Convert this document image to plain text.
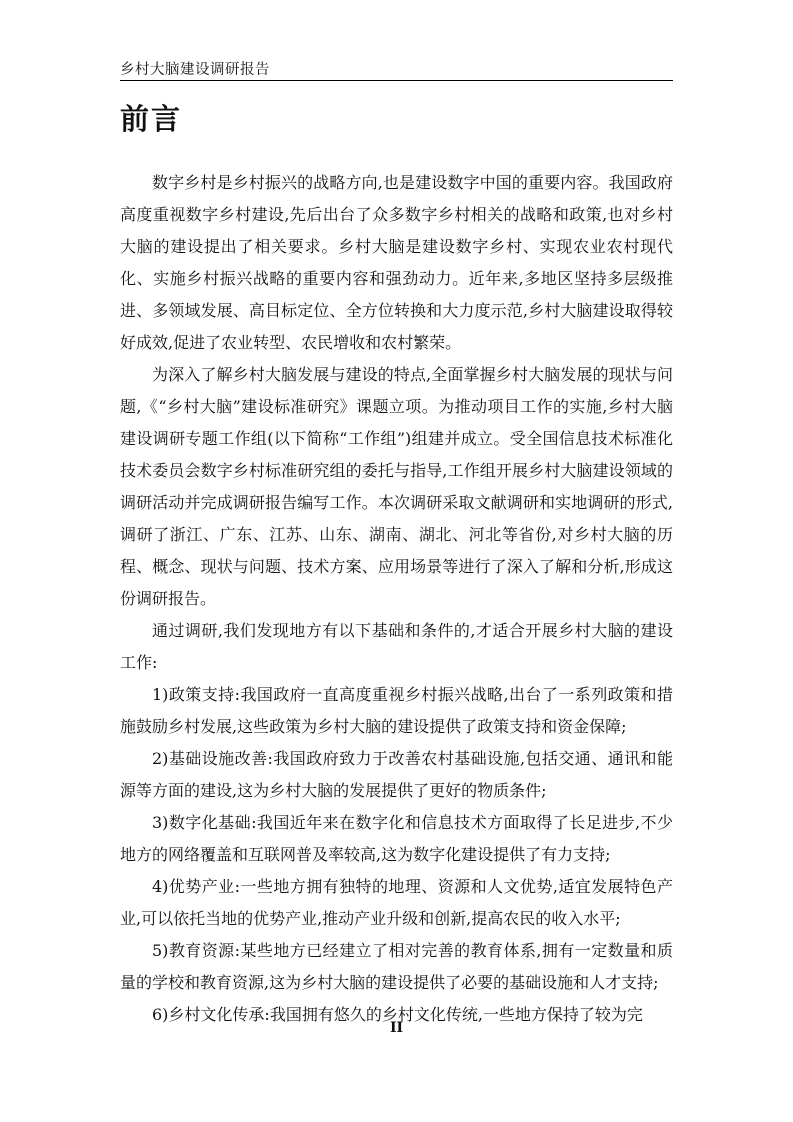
乡村大脑建设调研报告
前言

数字乡村是乡村振兴的战略方向,也是建设数字中国的重要内容。我国政府高度重视数字乡村建设,先后出台了众多数字乡村相关的战略和政策,也对乡村大脑的建设提出了相关要求。乡村大脑是建设数字乡村、实现农业农村现代化、实施乡村振兴战略的重要内容和强劲动力。近年来,多地区坚持多层级推进、多领域发展、高目标定位、全方位转换和大力度示范,乡村大脑建设取得较好成效,促进了农业转型、农民增收和农村繁荣。

为深入了解乡村大脑发展与建设的特点,全面掌握乡村大脑发展的现状与问题,《“乡村大脑”建设标准研究》课题立项。为推动项目工作的实施,乡村大脑建设调研专题工作组(以下简称“工作组”)组建并成立。受全国信息技术标准化技术委员会数字乡村标准研究组的委托与指导,工作组开展乡村大脑建设领域的调研活动并完成调研报告编写工作。本次调研采取文献调研和实地调研的形式,调研了浙江、广东、江苏、山东、湖南、湖北、河北等省份,对乡村大脑的历程、概念、现状与问题、技术方案、应用场景等进行了深入了解和分析,形成这份调研报告。

通过调研,我们发现地方有以下基础和条件的,才适合开展乡村大脑的建设工作:

1)政策支持:我国政府一直高度重视乡村振兴战略,出台了一系列政策和措施鼓励乡村发展,这些政策为乡村大脑的建设提供了政策支持和资金保障;

2)基础设施改善:我国政府致力于改善农村基础设施,包括交通、通讯和能源等方面的建设,这为乡村大脑的发展提供了更好的物质条件;

3)数字化基础:我国近年来在数字化和信息技术方面取得了长足进步,不少地方的网络覆盖和互联网普及率较高,这为数字化建设提供了有力支持;

4)优势产业:一些地方拥有独特的地理、资源和人文优势,适宜发展特色产业,可以依托当地的优势产业,推动产业升级和创新,提高农民的收入水平;

5)教育资源:某些地方已经建立了相对完善的教育体系,拥有一定数量和质量的学校和教育资源,这为乡村大脑的建设提供了必要的基础设施和人才支持;

6)乡村文化传承:我国拥有悠久的乡村文化传统,一些地方保持了较为完

II
